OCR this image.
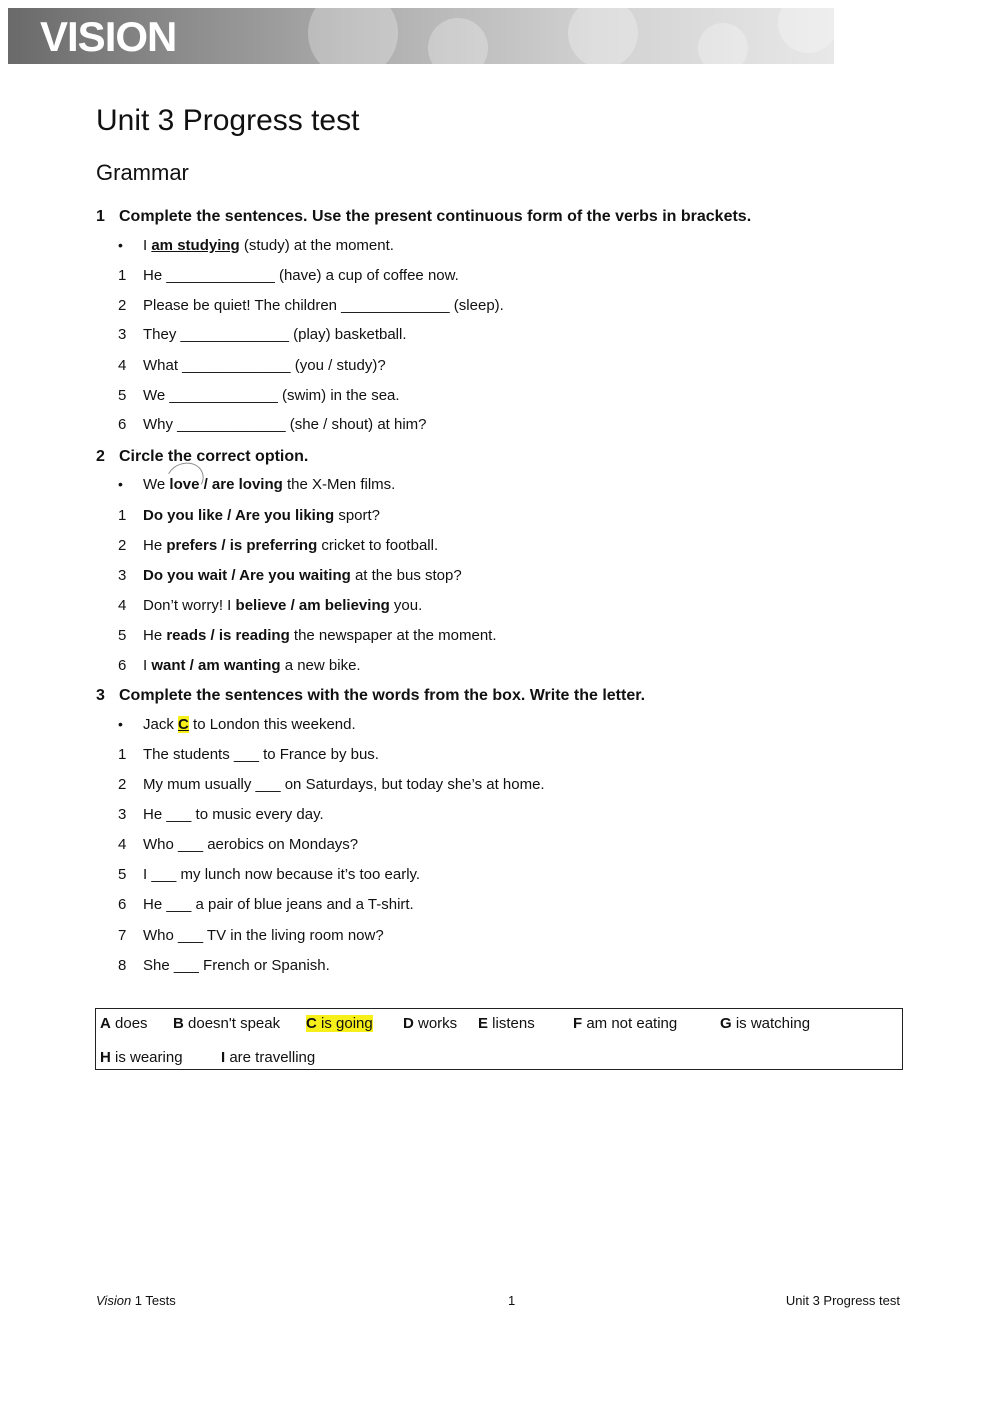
VISION
Unit 3 Progress test
Grammar
1 Complete the sentences. Use the present continuous form of the verbs in brackets.
• I am studying (study) at the moment.
1 He _____________ (have) a cup of coffee now.
2 Please be quiet! The children _____________ (sleep).
3 They _____________ (play) basketball.
4 What _____________ (you / study)?
5 We _____________ (swim) in the sea.
6 Why _____________ (she / shout) at him?
2 Circle the correct option.
• We love / are loving the X-Men films.
1 Do you like / Are you liking sport?
2 He prefers / is preferring cricket to football.
3 Do you wait / Are you waiting at the bus stop?
4 Don’t worry! I believe / am believing you.
5 He reads / is reading the newspaper at the moment.
6 I want / am wanting a new bike.
3 Complete the sentences with the words from the box. Write the letter.
• Jack C to London this weekend.
1 The students ___ to France by bus.
2 My mum usually ___ on Saturdays, but today she’s at home.
3 He ___ to music every day.
4 Who ___ aerobics on Mondays?
5 I ___ my lunch now because it’s too early.
6 He ___ a pair of blue jeans and a T-shirt.
7 Who ___ TV in the living room now?
8 She ___ French or Spanish.
A does B doesn't speak C is going D works E listens	F am not eating	G is watching
H is wearing	I are travelling
Vision 1 Tests	1	Unit 3 Progress test
